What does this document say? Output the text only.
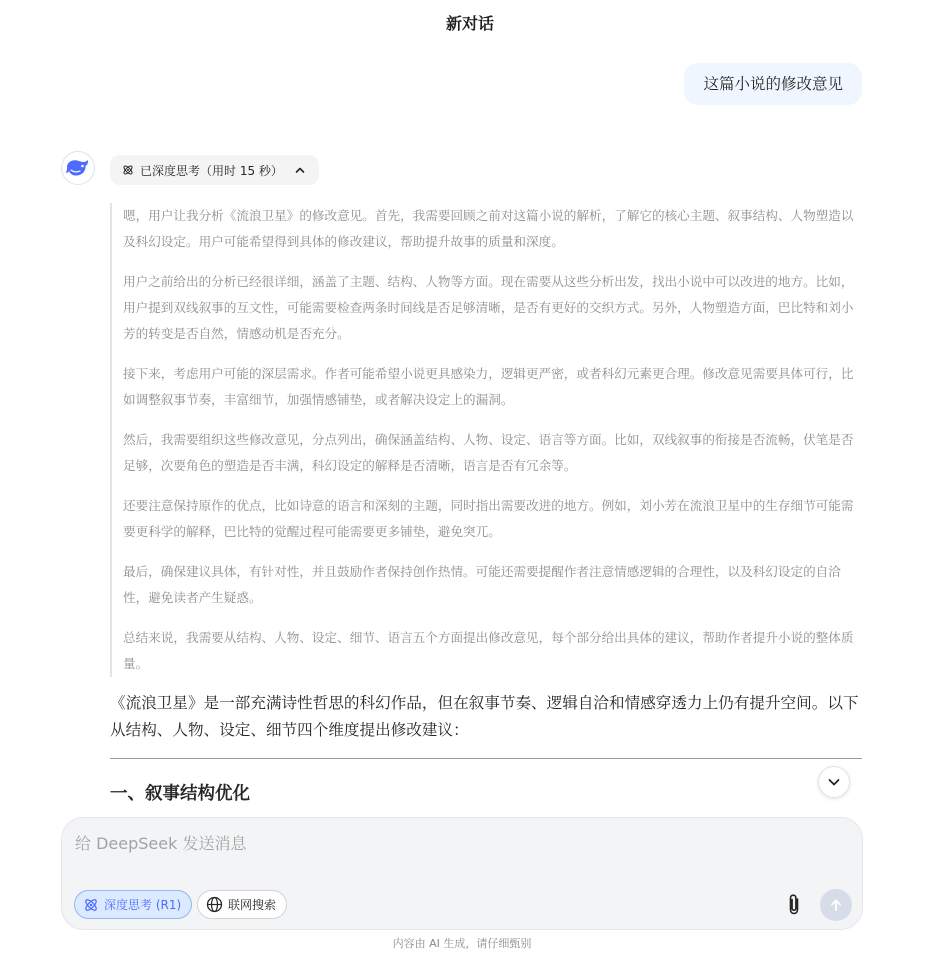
新对话
这篇小说的修改意见
已深度思考（用时 15 秒）

嗯，用户让我分析《流浪卫星》的修改意见。首先，我需要回顾之前对这篇小说的解析，了解它的核心主题、叙事结构、人物塑造以及科幻设定。用户可能希望得到具体的修改建议，帮助提升故事的质量和深度。

用户之前给出的分析已经很详细，涵盖了主题、结构、人物等方面。现在需要从这些分析出发，找出小说中可以改进的地方。比如，用户提到双线叙事的互文性，可能需要检查两条时间线是否足够清晰，是否有更好的交织方式。另外，人物塑造方面，巴比特和刘小芳的转变是否自然，情感动机是否充分。

接下来，考虑用户可能的深层需求。作者可能希望小说更具感染力，逻辑更严密，或者科幻元素更合理。修改意见需要具体可行，比如调整叙事节奏，丰富细节，加强情感铺垫，或者解决设定上的漏洞。

然后，我需要组织这些修改意见，分点列出，确保涵盖结构、人物、设定、语言等方面。比如，双线叙事的衔接是否流畅，伏笔是否足够，次要角色的塑造是否丰满，科幻设定的解释是否清晰，语言是否有冗余等。

还要注意保持原作的优点，比如诗意的语言和深刻的主题，同时指出需要改进的地方。例如，刘小芳在流浪卫星中的生存细节可能需要更科学的解释，巴比特的觉醒过程可能需要更多铺垫，避免突兀。

最后，确保建议具体，有针对性，并且鼓励作者保持创作热情。可能还需要提醒作者注意情感逻辑的合理性，以及科幻设定的自洽性，避免读者产生疑惑。

总结来说，我需要从结构、人物、设定、细节、语言五个方面提出修改意见，每个部分给出具体的建议，帮助作者提升小说的整体质量。

《流浪卫星》是一部充满诗性哲思的科幻作品，但在叙事节奏、逻辑自洽和情感穿透力上仍有提升空间。以下从结构、人物、设定、细节四个维度提出修改建议：
一、叙事结构优化
给 DeepSeek 发送消息
深度思考 (R1)	联网搜索
内容由 AI 生成，请仔细甄别
